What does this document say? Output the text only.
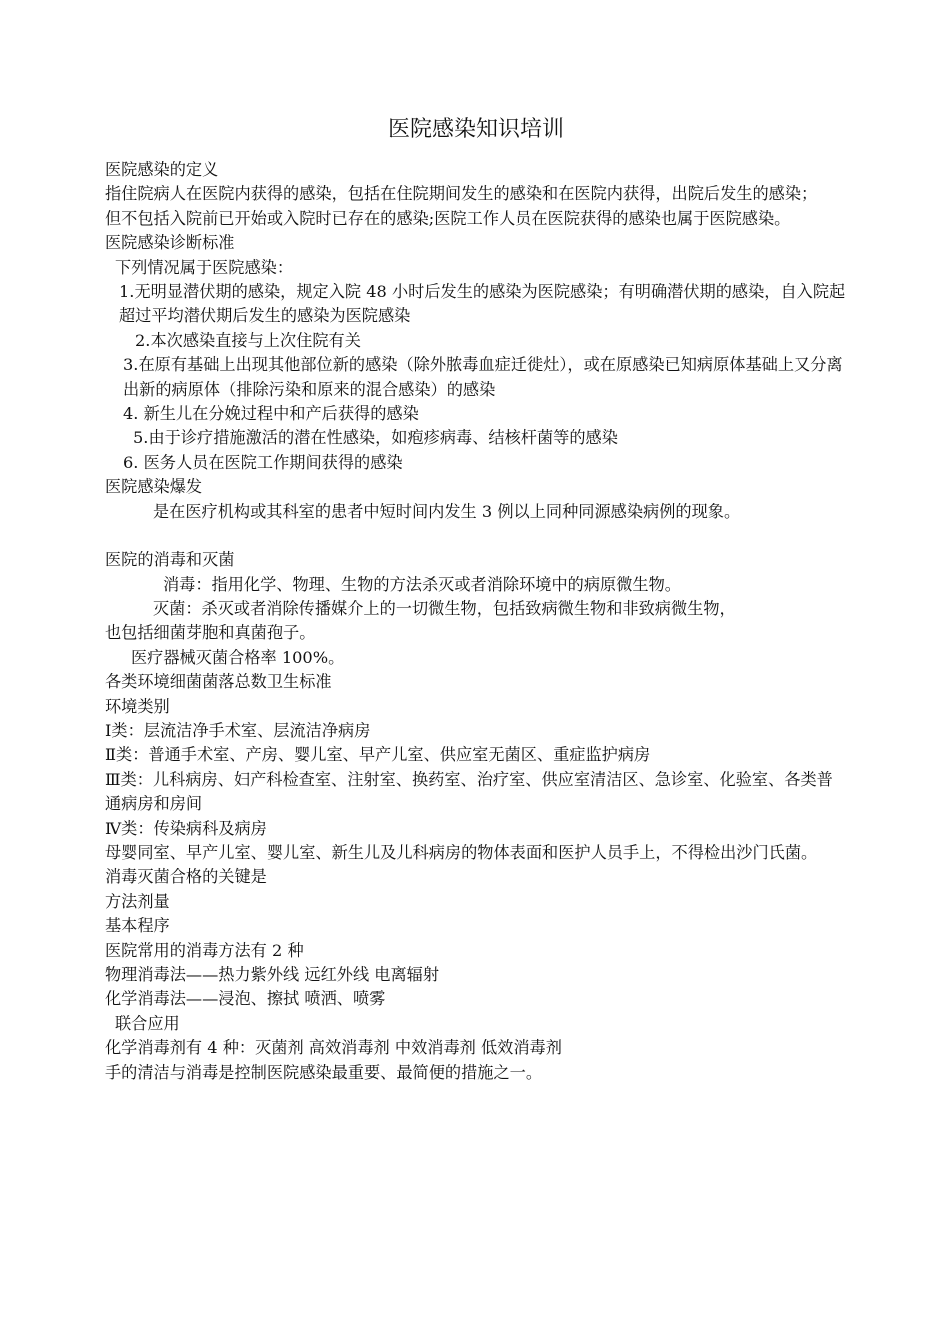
医院感染知识培训

医院感染的定义

指住院病人在医院内获得的感染，包括在住院期间发生的感染和在医院内获得，出院后发生的感染；

但不包括入院前已开始或入院时已存在的感染;医院工作人员在医院获得的感染也属于医院感染。

医院感染诊断标准

下列情况属于医院感染：

1.无明显潜伏期的感染，规定入院 48 小时后发生的感染为医院感染；有明确潜伏期的感染，自入院起超过平均潜伏期后发生的感染为医院感染

2.本次感染直接与上次住院有关

3.在原有基础上出现其他部位新的感染（除外脓毒血症迁徙灶），或在原感染已知病原体基础上又分离出新的病原体（排除污染和原来的混合感染）的感染

4. 新生儿在分娩过程中和产后获得的感染

5.由于诊疗措施激活的潜在性感染，如疱疹病毒、结核杆菌等的感染

6. 医务人员在医院工作期间获得的感染

医院感染爆发

是在医疗机构或其科室的患者中短时间内发生 3 例以上同种同源感染病例的现象。

医院的消毒和灭菌

消毒：指用化学、物理、生物的方法杀灭或者消除环境中的病原微生物。

灭菌：杀灭或者消除传播媒介上的一切微生物，包括致病微生物和非致病微生物，

也包括细菌芽胞和真菌孢子。

医疗器械灭菌合格率 100%。

各类环境细菌菌落总数卫生标准

环境类别

Ⅰ类：层流洁净手术室、层流洁净病房

Ⅱ类：普通手术室、产房、婴儿室、早产儿室、供应室无菌区、重症监护病房

Ⅲ类：儿科病房、妇产科检查室、注射室、换药室、治疗室、供应室清洁区、急诊室、化验室、各类普通病房和房间

Ⅳ类：传染病科及病房

母婴同室、早产儿室、婴儿室、新生儿及儿科病房的物体表面和医护人员手上，不得检出沙门氏菌。

消毒灭菌合格的关键是

方法剂量

基本程序

医院常用的消毒方法有 2 种

物理消毒法——热力紫外线 远红外线 电离辐射

化学消毒法——浸泡、擦拭 喷洒、喷雾

联合应用

化学消毒剂有 4 种：灭菌剂 高效消毒剂 中效消毒剂 低效消毒剂

手的清洁与消毒是控制医院感染最重要、最简便的措施之一。
